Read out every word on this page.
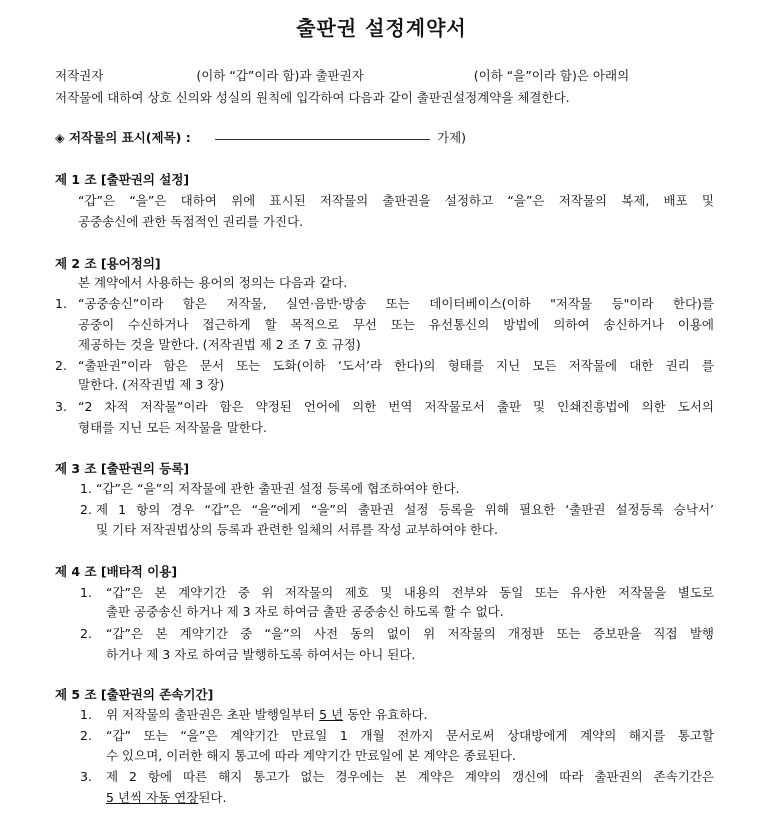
출판권 설정계약서
저작권자	(이하 “갑”이라 함)과 출판권자	(이하 “을”이라 함)은 아래의
저작물에 대하여 상호 신의와 성실의 원칙에 입각하여 다음과 같이 출판권설정계약을 체결한다.
◈ 저작물의 표시(제목) :	가제)
제 1 조 [출판권의 설정]
“갑”은 “을”은 대하여 위에 표시된 저작물의 출판권을 설정하고 “을”은 저작물의 복제, 배포 및
공중송신에 관한 독점적인 권리를 가진다.
제 2 조 [용어정의]
본 계약에서 사용하는 용어의 정의는 다음과 같다.
1. “공중송신”이라 함은 저작물, 실연·음반·방송 또는 데이터베이스(이하 "저작물 등"이라 한다)를
공중이 수신하거나 접근하게 할 목적으로 무선 또는 유선통신의 방법에 의하여 송신하거나 이용에
제공하는 것을 말한다. (저작권법 제 2 조 7 호 규정)
2. “출판권”이라 함은 문서 또는 도화(이하 ‘도서’라 한다)의 형태를 지닌 모든 저작물에 대한 권리 를
말한다. (저작권법 제 3 장)
3. “2 차적 저작물”이라 함은 약정된 언어에 의한 번역 저작물로서 출판 및 인쇄진흥법에 의한 도서의
형태를 지닌 모든 저작물을 말한다.
제 3 조 [출판권의 등록]
1. “갑”은 “을”의 저작물에 관한 출판권 설정 등록에 협조하여야 한다.
2. 제 1 항의 경우 “갑”은 “을”에게 “을”의 출판권 설정 등록을 위해 필요한 ‘출판권 설정등록 승낙서’
및 기타 저작권법상의 등록과 관련한 일체의 서류를 작성 교부하여야 한다.
제 4 조 [배타적 이용]
1. “갑”은 본 계약기간 중 위 저작물의 제호 및 내용의 전부와 동일 또는 유사한 저작물을 별도로
출판 공중송신 하거나 제 3 자로 하여금 출판 공중송신 하도록 할 수 없다.
2. “갑”은 본 계약기간 중 “을”의 사전 동의 없이 위 저작물의 개정판 또는 증보판을 직접 발행
하거나 제 3 자로 하여금 발행하도록 하여서는 아니 된다.
제 5 조 [출판권의 존속기간]
1. 위 저작물의 출판권은 초판 발행일부터 5 년 동안 유효하다.
2. “갑” 또는 “을”은 계약기간 만료일 1 개월 전까지 문서로써 상대방에게 계약의 해지를 통고할
수 있으며, 이러한 해지 통고에 따라 계약기간 만료일에 본 계약은 종료된다.
3. 제 2 항에 따른 해지 통고가 없는 경우에는 본 계약은 계약의 갱신에 따라 출판권의 존속기간은
5 년씩 자동 연장된다.
